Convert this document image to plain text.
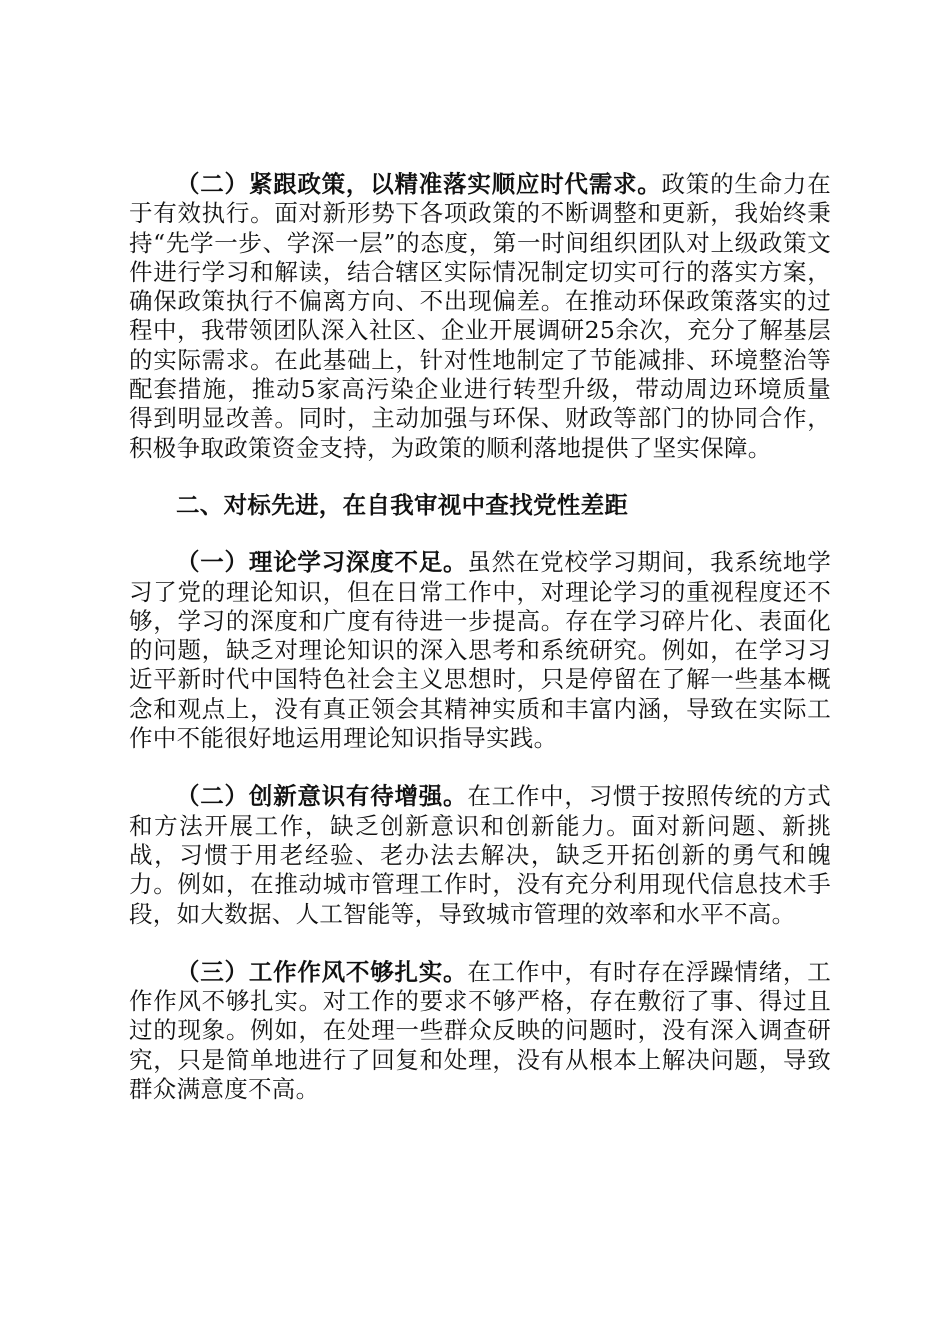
（二）紧跟政策，以精准落实顺应时代需求。政策的生命力在于有效执行。面对新形势下各项政策的不断调整和更新，我始终秉持“先学一步、学深一层”的态度，第一时间组织团队对上级政策文件进行学习和解读，结合辖区实际情况制定切实可行的落实方案，确保政策执行不偏离方向、不出现偏差。在推动环保政策落实的过程中，我带领团队深入社区、企业开展调研25余次，充分了解基层的实际需求。在此基础上，针对性地制定了节能减排、环境整治等配套措施，推动5家高污染企业进行转型升级，带动周边环境质量得到明显改善。同时，主动加强与环保、财政等部门的协同合作，积极争取政策资金支持，为政策的顺利落地提供了坚实保障。

二、对标先进，在自我审视中查找党性差距

（一）理论学习深度不足。虽然在党校学习期间，我系统地学习了党的理论知识，但在日常工作中，对理论学习的重视程度还不够，学习的深度和广度有待进一步提高。存在学习碎片化、表面化的问题，缺乏对理论知识的深入思考和系统研究。例如，在学习习近平新时代中国特色社会主义思想时，只是停留在了解一些基本概念和观点上，没有真正领会其精神实质和丰富内涵，导致在实际工作中不能很好地运用理论知识指导实践。

（二）创新意识有待增强。在工作中，习惯于按照传统的方式和方法开展工作，缺乏创新意识和创新能力。面对新问题、新挑战，习惯于用老经验、老办法去解决，缺乏开拓创新的勇气和魄力。例如，在推动城市管理工作时，没有充分利用现代信息技术手段，如大数据、人工智能等，导致城市管理的效率和水平不高。

（三）工作作风不够扎实。在工作中，有时存在浮躁情绪，工作作风不够扎实。对工作的要求不够严格，存在敷衍了事、得过且过的现象。例如，在处理一些群众反映的问题时，没有深入调查研究，只是简单地进行了回复和处理，没有从根本上解决问题，导致群众满意度不高。
